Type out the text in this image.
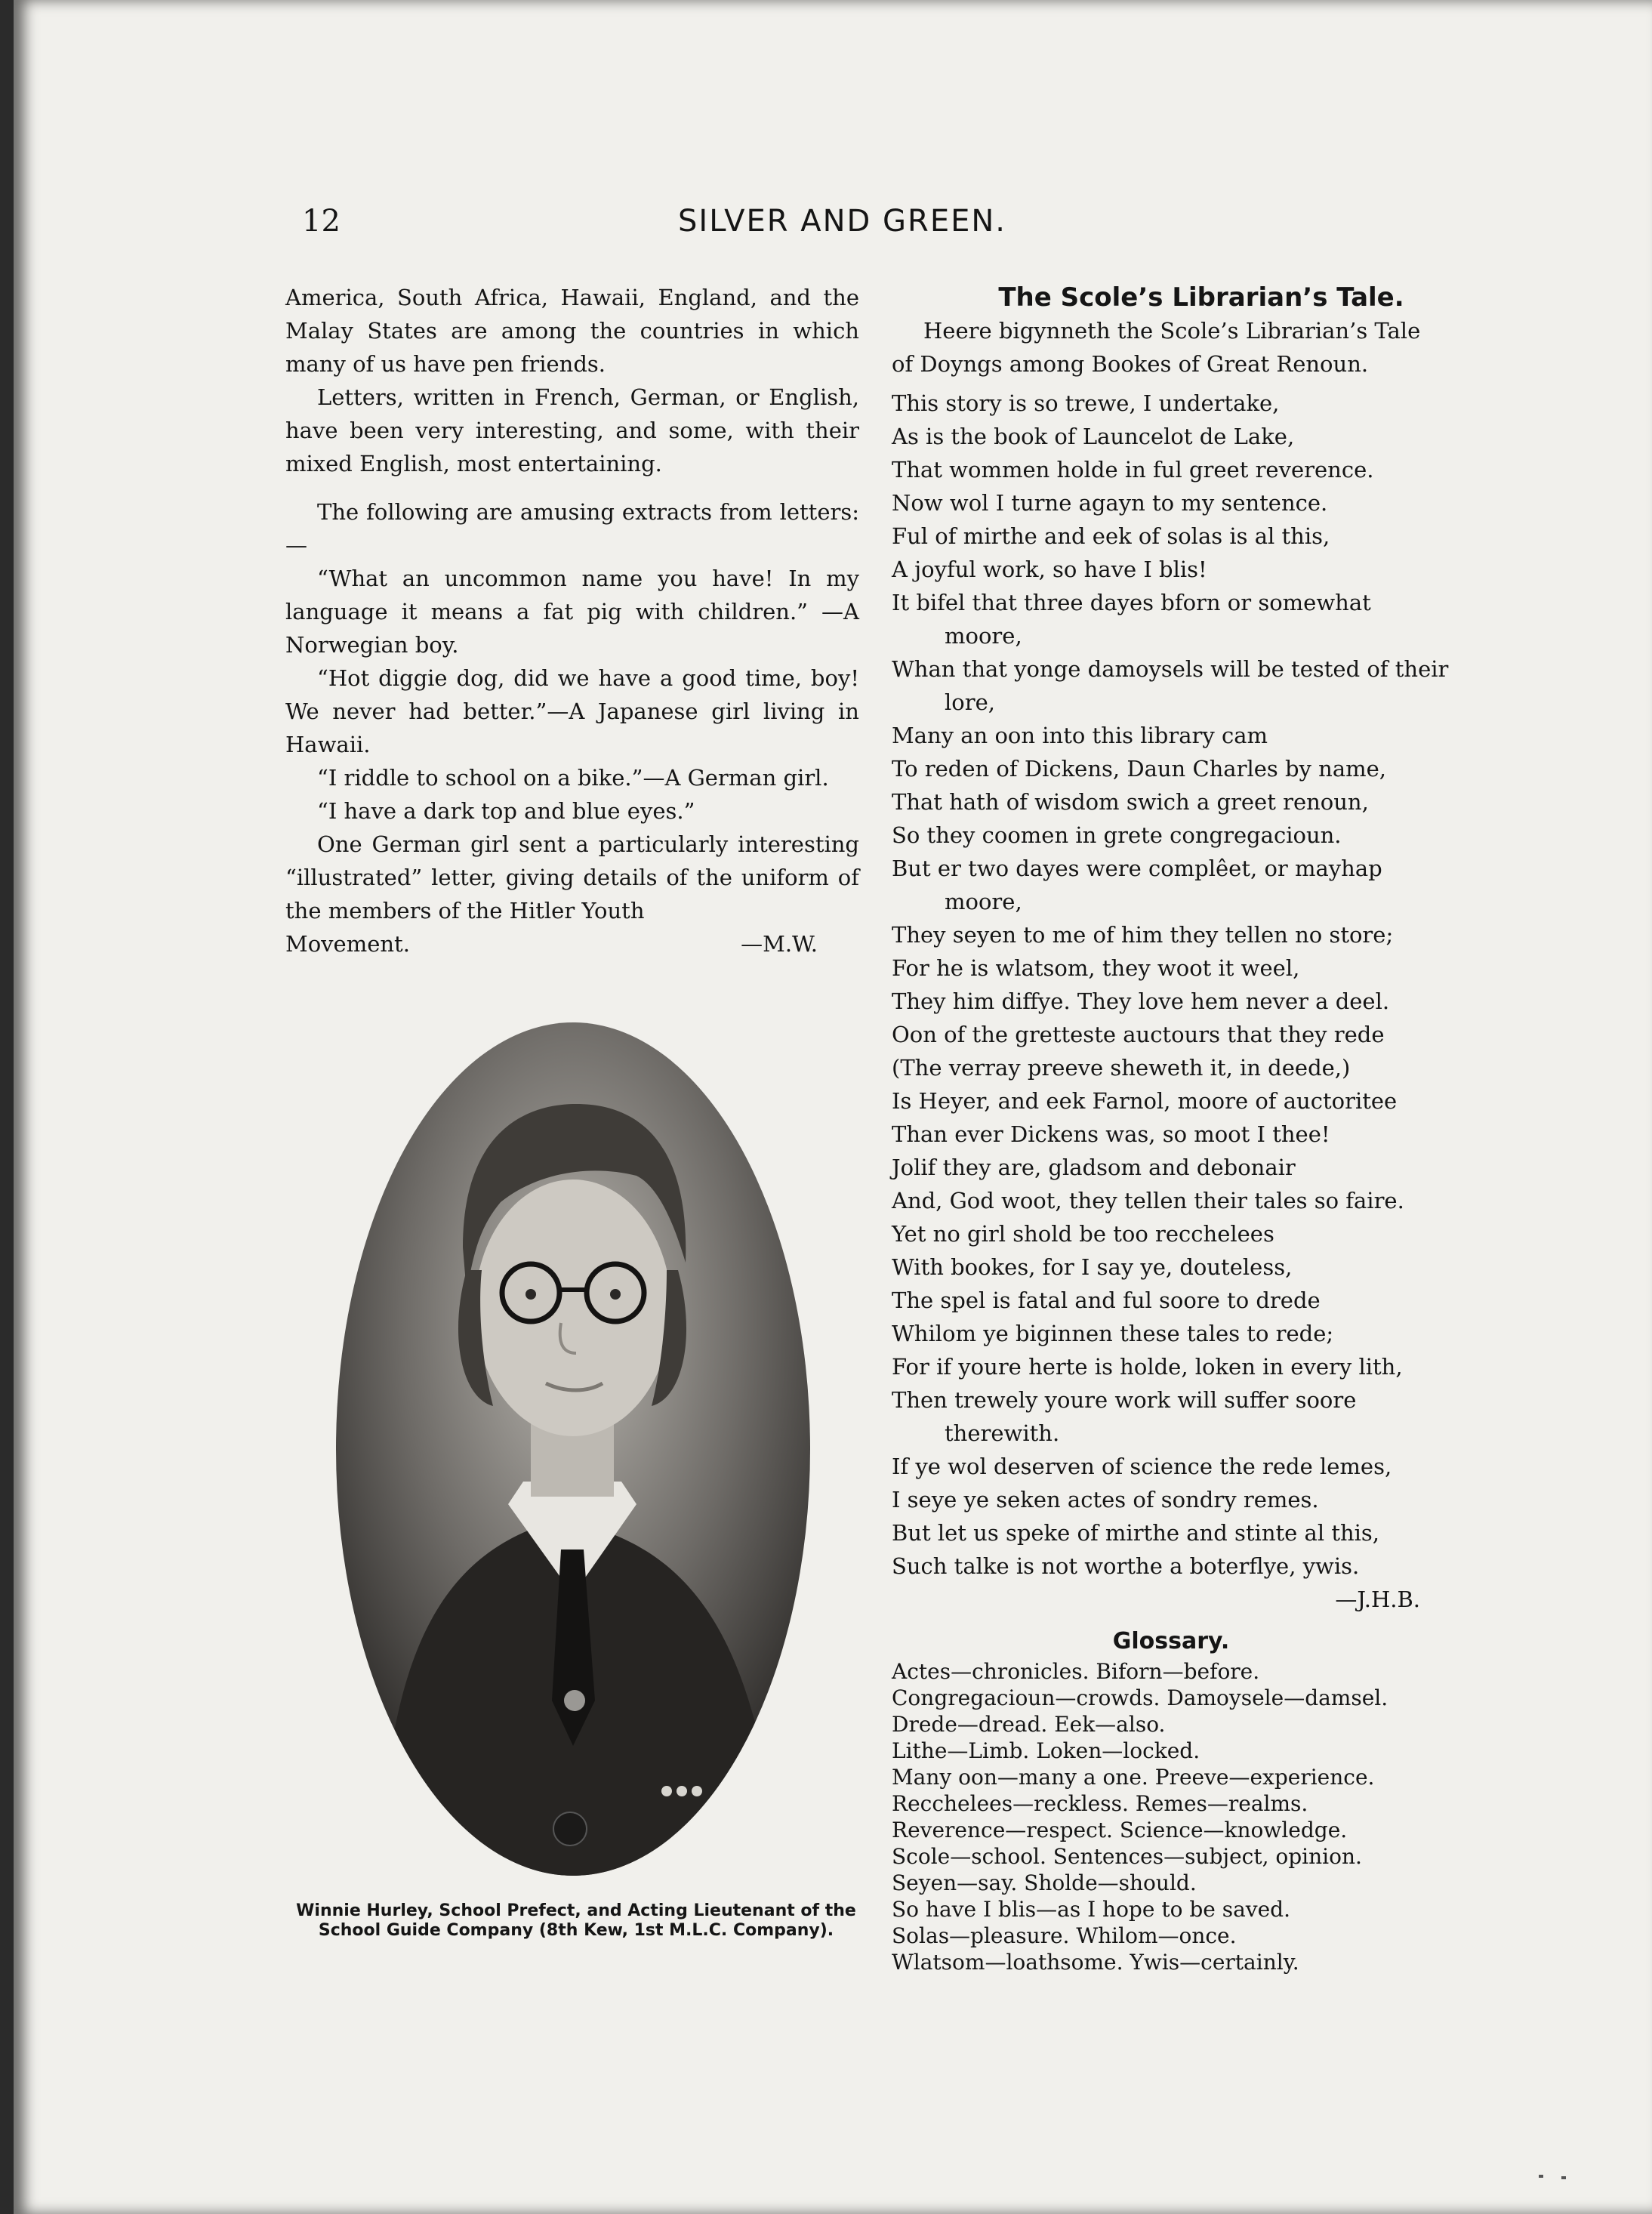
12	SILVER AND GREEN.

America, South Africa, Hawaii, England, and the Malay States are among the countries in which many of us have pen friends.

Letters, written in French, German, or English, have been very interesting, and some, with their mixed English, most entertaining.

The following are amusing extracts from letters:—

“What an uncommon name you have! In my language it means a fat pig with children.” —A Norwegian boy.

“Hot diggie dog, did we have a good time, boy! We never had better.”—A Japanese girl living in Hawaii.

“I riddle to school on a bike.”—A German girl.

“I have a dark top and blue eyes.”

One German girl sent a particularly interesting “illustrated” letter, giving details of the uniform of the members of the Hitler Youth

Movement.	—M.W.

Winnie Hurley, School Prefect, and Acting Lieutenant of the School Guide Company (8th Kew, 1st M.L.C. Company).
The Scole’s Librarian’s Tale.
Heere bigynneth the Scole’s Librarian’s Tale
of Doyngs among Bookes of Great Renoun.
This story is so trewe, I undertake,
As is the book of Launcelot de Lake,
That wommen holde in ful greet reverence.
Now wol I turne agayn to my sentence.
Ful of mirthe and eek of solas is al this,
A joyful work, so have I blis!
It bifel that three dayes bforn or somewhat moore,
Whan that yonge damoysels will be tested of their lore,
Many an oon into this library cam
To reden of Dickens, Daun Charles by name,
That hath of wisdom swich a greet renoun,
So they coomen in grete congregacioun.
But er two dayes were complêet, or mayhap moore,
They seyen to me of him they tellen no store;
For he is wlatsom, they woot it weel,
They him diffye. They love hem never a deel.
Oon of the gretteste auctours that they rede
(The verray preeve sheweth it, in deede,)
Is Heyer, and eek Farnol, moore of auctoritee
Than ever Dickens was, so moot I thee!
Jolif they are, gladsom and debonair
And, God woot, they tellen their tales so faire.
Yet no girl shold be too recchelees
With bookes, for I say ye, douteless,
The spel is fatal and ful soore to drede
Whilom ye biginnen these tales to rede;
For if youre herte is holde, loken in every lith,
Then trewely youre work will suffer soore therewith.
If ye wol deserven of science the rede lemes,
I seye ye seken actes of sondry remes.
But let us speke of mirthe and stinte al this,
Such talke is not worthe a boterflye, ywis.
—J.H.B.
Glossary.
Actes—chronicles. Biforn—before.
Congregacioun—crowds. Damoysele—damsel.
Drede—dread. Eek—also.
Lithe—Limb. Loken—locked.
Many oon—many a one. Preeve—experience.
Recchelees—reckless. Remes—realms.
Reverence—respect. Science—knowledge.
Scole—school. Sentences—subject, opinion.
Seyen—say. Sholde—should.
So have I blis—as I hope to be saved.
Solas—pleasure. Whilom—once.
Wlatsom—loathsome. Ywis—certainly.
